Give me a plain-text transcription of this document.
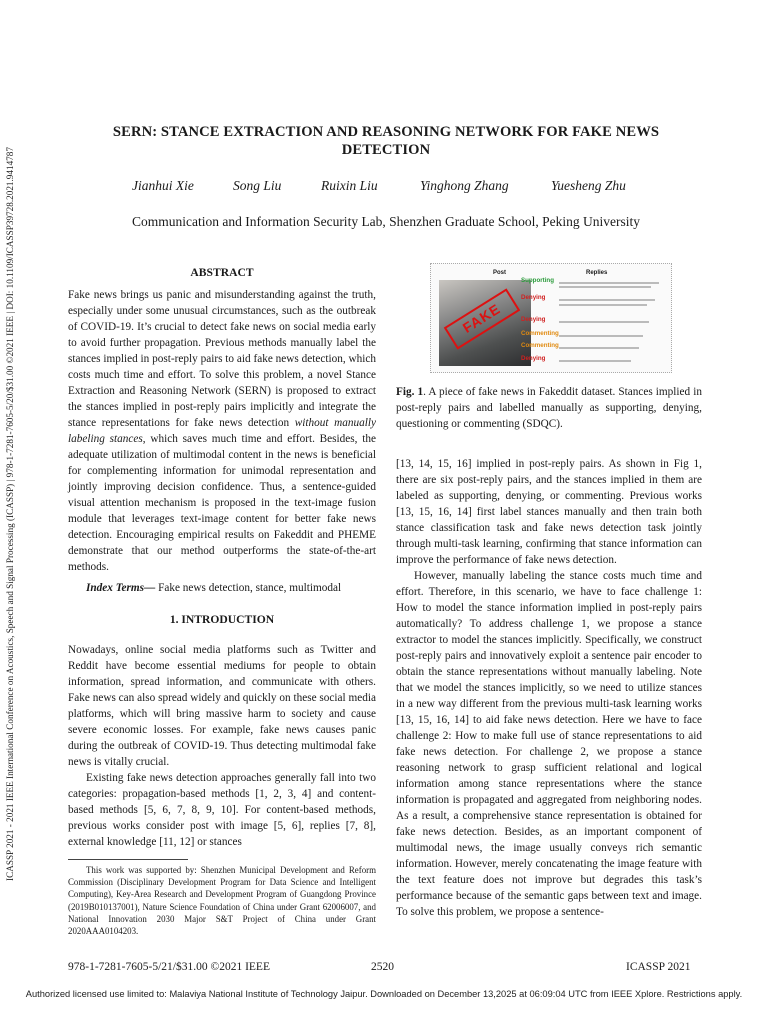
ICASSP 2021 - 2021 IEEE International Conference on Acoustics, Speech and Signal Processing (ICASSP) | 978-1-7281-7605-5/20/$31.00 ©2021 IEEE | DOI: 10.1109/ICASSP39728.2021.9414787
SERN: STANCE EXTRACTION AND REASONING NETWORK FOR FAKE NEWS DETECTION
Jianhui Xie	Song Liu	Ruixin Liu	Yinghong Zhang	Yuesheng Zhu
Communication and Information Security Lab, Shenzhen Graduate School, Peking University
ABSTRACT

Fake news brings us panic and misunderstanding against the truth, especially under some unusual circumstances, such as the outbreak of COVID-19. It’s crucial to detect fake news on social media early to avoid further propagation. Previous methods manually label the stances implied in post-reply pairs to aid fake news detection, which costs much time and effort. To solve this problem, a novel Stance Extraction and Reasoning Network (SERN) is proposed to extract the stances implied in post-reply pairs implicitly and integrate the stance representations for fake news detection without manually labeling stances, which saves much time and effort. Besides, the adequate utilization of multimodal content in the news is beneficial for complementing information for unimodal representation and jointly improving decision confidence. Thus, a sentence-guided visual attention mechanism is proposed in the text-image fusion module that leverages text-image content for better fake news detection. Encouraging empirical results on Fakeddit and PHEME demonstrate that our method outperforms the state-of-the-art methods.

Index Terms— Fake news detection, stance, multimodal

1. INTRODUCTION

Nowadays, online social media platforms such as Twitter and Reddit have become essential mediums for people to obtain information, spread information, and communicate with others. Fake news can also spread widely and quickly on these social media platforms, which will bring massive harm to society and cause severe economic losses. For example, fake news causes panic during the outbreak of COVID-19. Thus detecting multimodal fake news is vitally crucial.

Existing fake news detection approaches generally fall into two categories: propagation-based methods [1, 2, 3, 4] and content-based methods [5, 6, 7, 8, 9, 10]. For content-based methods, previous works consider post with image [5, 6], replies [7, 8], external knowledge [11, 12] or stances

This work was supported by: Shenzhen Municipal Development and Reform Commission (Disciplinary Development Program for Data Science and Intelligent Computing), Key-Area Research and Development Program of Guangdong Province (2019B010137001), Nature Science Foundation of China under Grant 62006007, and National Innovation 2030 Major S&T Project of China under Grant 2020AAA0104203.
Post	Replies
FAKE
Supporting
Denying
Denying
Commenting
Commenting
Denying
Fig. 1. A piece of fake news in Fakeddit dataset. Stances implied in post-reply pairs and labelled manually as supporting, denying, questioning or commenting (SDQC).

[13, 14, 15, 16] implied in post-reply pairs. As shown in Fig 1, there are six post-reply pairs, and the stances implied in them are labeled as supporting, denying, or commenting. Previous works [13, 15, 16, 14] first label stances manually and then train both stance classification task and fake news detection task jointly through multi-task learning, confirming that stance information can improve the performance of fake news detection.

However, manually labeling the stance costs much time and effort. Therefore, in this scenario, we have to face challenge 1: How to model the stance information implied in post-reply pairs automatically? To address challenge 1, we propose a stance extractor to model the stances implicitly. Specifically, we construct post-reply pairs and innovatively exploit a sentence pair encoder to obtain the stance representations without manually labeling. Note that we model the stances implicitly, so we need to utilize stances in a new way different from the previous multi-task learning works [13, 15, 16, 14] to aid fake news detection. Here we have to face challenge 2: How to make full use of stance representations to aid fake news detection. For challenge 2, we propose a stance reasoning network to grasp sufficient relational and logical information among stance representations where the stance information is propagated and aggregated from neighboring nodes. As a result, a comprehensive stance representation is obtained for fake news detection. Besides, as an important component of multimodal news, the image usually conveys rich semantic information. However, merely concatenating the image feature with the text feature does not improve but degrades this task’s performance because of the semantic gaps between text and image. To solve this problem, we propose a sentence-

978-1-7281-7605-5/21/$31.00 ©2021 IEEE	2520	ICASSP 2021
Authorized licensed use limited to: Malaviya National Institute of Technology Jaipur. Downloaded on December 13,2025 at 06:09:04 UTC from IEEE Xplore. Restrictions apply.
